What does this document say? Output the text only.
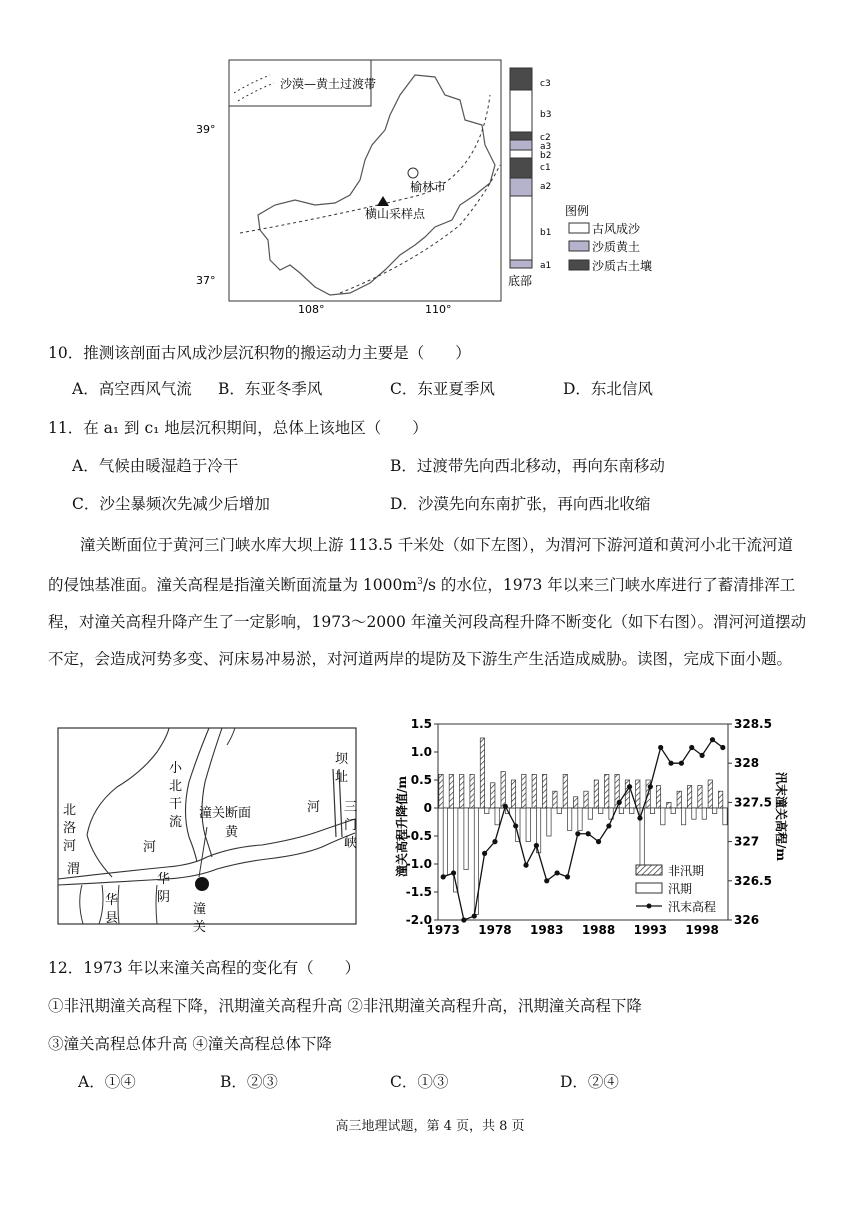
沙漠—黄土过渡带
榆林市
横山采样点
39°
37°
108°	110°
c3
b3
c2
a3
b2
c1
a2
b1
a1
底部
图例
古风成沙
沙质黄土
沙质古土壤
10．推测该剖面古风成沙层沉积物的搬运动力主要是（　　）
A．高空西风气流 B．东亚冬季风	C．东亚夏季风	D．东北信风
11．在 a₁ 到 c₁ 地层沉积期间，总体上该地区（　　）
A．气候由暖湿趋于冷干	B．过渡带先向西北移动，再向东南移动
C．沙尘暴频次先减少后增加	D．沙漠先向东南扩张，再向西北收缩
潼关断面位于黄河三门峡水库大坝上游 113.5 千米处（如下左图），为渭河下游河道和黄河小北干流河道的侵蚀基准面。潼关高程是指潼关断面流量为 $1000m^3/s$ 的水位，1973 年以来三门峡水库进行了蓄清排浑工程，对潼关高程升降产生了一定影响，1973～2000 年潼关河段高程升降不断变化（如下右图）。渭河河道摆动不定，会造成河势多变、河床易冲易淤，对河道两岸的堤防及下游生产生活造成威胁。读图，完成下面小题。
小
北
洛
河
渭
河
潼关断面
黄
河
坝
址
三
门
峡
华
县
华
阴
潼
关
北
干
流
1.5
1.0
0.5
0
-0.5
-1.0
-1.5
-2.0
328.5
328
327.5
327
326.5
326
1973 1978 1983 1988 1993 1998
潼关高程升降值/m	汛末潼关高程/m
非汛期
汛期
汛末高程
12．1973 年以来潼关高程的变化有（　　）
①非汛期潼关高程下降，汛期潼关高程升高 ②非汛期潼关高程升高，汛期潼关高程下降
③潼关高程总体升高 ④潼关高程总体下降
A．①④	B．②③	C．①③	D．②④
高三地理试题，第 4 页，共 8 页
